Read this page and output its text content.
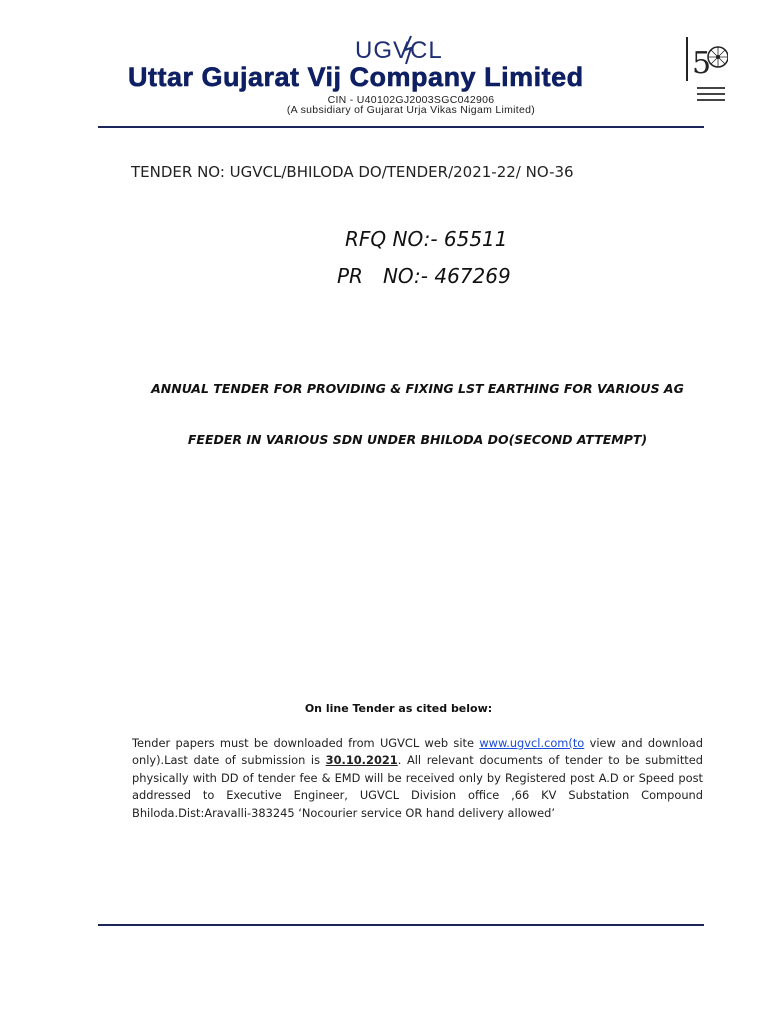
UGVCL
Uttar Gujarat Vij Company Limited
CIN - U40102GJ2003SGC042906
(A subsidiary of Gujarat Urja Vikas Nigam Limited)
5
TENDER NO: UGVCL/BHILODA DO/TENDER/2021-22/ NO-36
RFQ NO:- 65511
PR NO:- 467269
ANNUAL TENDER FOR PROVIDING & FIXING LST EARTHING FOR VARIOUS AG
FEEDER IN VARIOUS SDN UNDER BHILODA DO(SECOND ATTEMPT)
On line Tender as cited below:
Tender papers must be downloaded from UGVCL web site www.ugvcl.com(to view and download only).Last date of submission is 30.10.2021. All relevant documents of tender to be submitted physically with DD of tender fee & EMD will be received only by Registered post A.D or Speed post addressed to Executive Engineer, UGVCL Division office ,66 KV Substation Compound Bhiloda.Dist:Aravalli-383245 ‘Nocourier service OR hand delivery allowed’
